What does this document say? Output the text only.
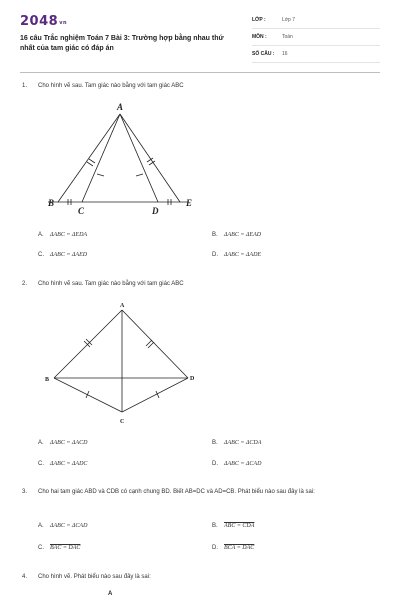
2048vn
16 câu Trắc nghiệm Toán 7 Bài 3: Trường hợp bằng nhau thứ nhất của tam giác có đáp án
LỚP :	Lớp 7
MÔN :	Toán
SỐ CÂU : 16
1. Cho hình vẽ sau. Tam giác nào bằng với tam giác ABC
A
B
C	D
E
A. ΔABC = ΔEDA	B. ΔABC = ΔEAD
C. ΔABC = ΔAED	D. ΔABC = ΔADE
2. Cho hình vẽ sau. Tam giác nào bằng với tam giác ABC
A
B
C
D
A. ΔABC = ΔACD	B. ΔABC = ΔCDA
C. ΔABC = ΔADC	D. ΔABC = ΔCAD
3.	Cho hai tam giác ABD và CDB có cạnh chung BD. Biết AB=DC và AD=CB. Phát biểu nào sau đây là sai:
A. ΔABC = ΔCAD	B. ABC = CDA
C. BAC = DAC	D. BCA = DAC
4. Cho hình vẽ. Phát biểu nào sau đây là sai:
A
